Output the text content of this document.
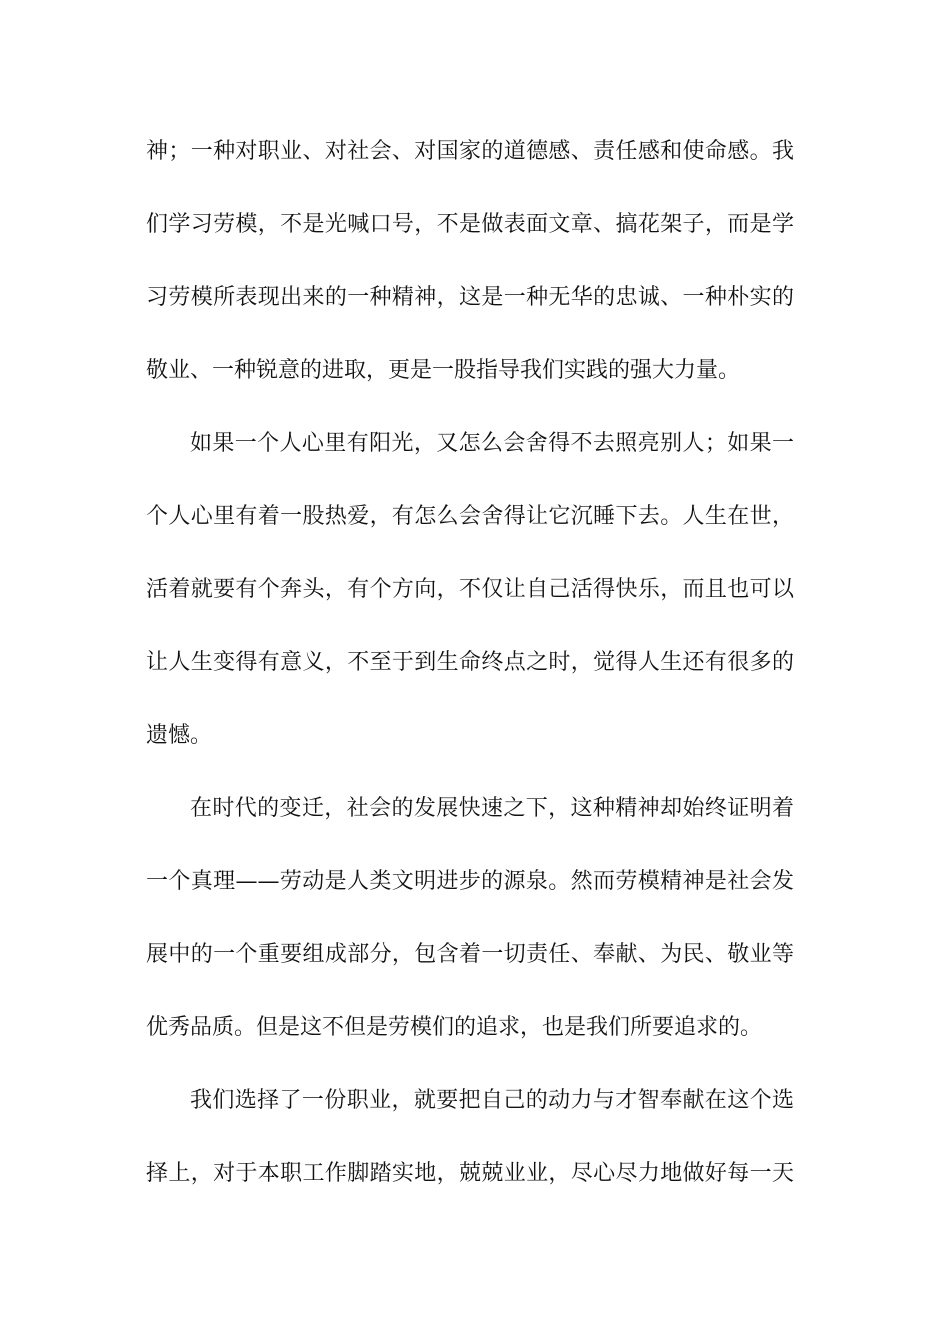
神；一种对职业、对社会、对国家的道德感、责任感和使命感。我
们学习劳模，不是光喊口号，不是做表面文章、搞花架子，而是学
习劳模所表现出来的一种精神，这是一种无华的忠诚、一种朴实的
敬业、一种锐意的进取，更是一股指导我们实践的强大力量。
如果一个人心里有阳光，又怎么会舍得不去照亮别人；如果一
个人心里有着一股热爱，有怎么会舍得让它沉睡下去。人生在世，
活着就要有个奔头，有个方向，不仅让自己活得快乐，而且也可以
让人生变得有意义，不至于到生命终点之时，觉得人生还有很多的
遗憾。
在时代的变迁，社会的发展快速之下，这种精神却始终证明着
一个真理——劳动是人类文明进步的源泉。然而劳模精神是社会发
展中的一个重要组成部分，包含着一切责任、奉献、为民、敬业等
优秀品质。但是这不但是劳模们的追求，也是我们所要追求的。
我们选择了一份职业，就要把自己的动力与才智奉献在这个选
择上，对于本职工作脚踏实地，兢兢业业，尽心尽力地做好每一天
